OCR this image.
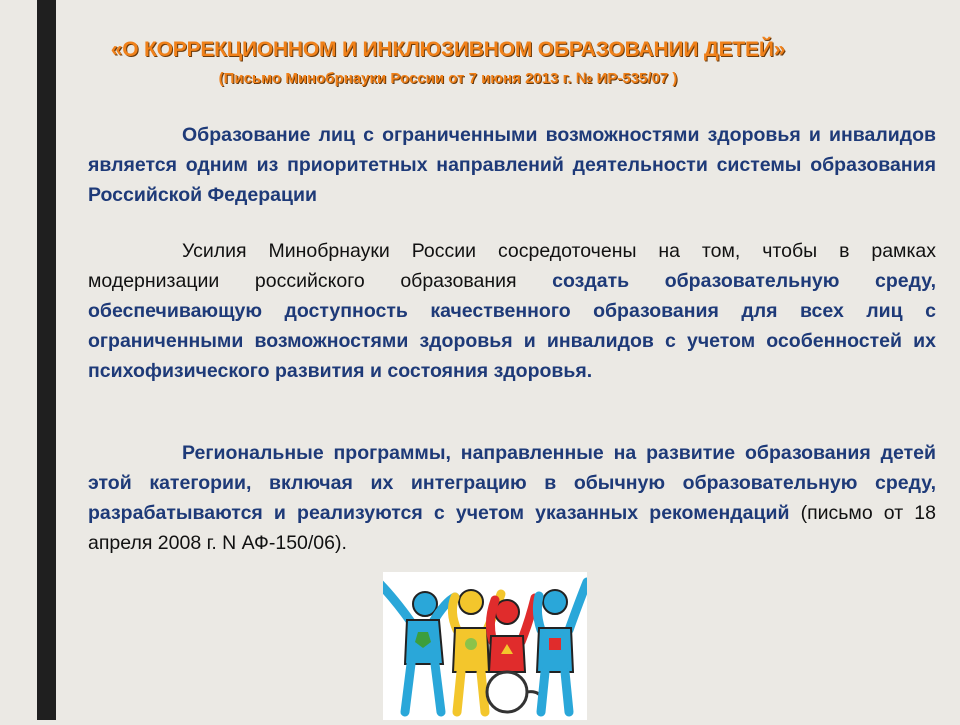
«О КОРРЕКЦИОННОМ И ИНКЛЮЗИВНОМ ОБРАЗОВАНИИ ДЕТЕЙ»
(Письмо Минобрнауки России от 7 июня 2013 г. № ИР-535/07 )
Образование лиц с ограниченными возможностями здоровья и инвалидов является одним из приоритетных направлений деятельности системы образования Российской Федерации
Усилия Минобрнауки России сосредоточены на том, чтобы в рамках модернизации российского образования создать образовательную среду, обеспечивающую доступность качественного образования для всех лиц с ограниченными возможностями здоровья и инвалидов с учетом особенностей их психофизического развития и состояния здоровья.
Региональные программы, направленные на развитие образования детей этой категории, включая их интеграцию в обычную образовательную среду, разрабатываются и реализуются с учетом указанных рекомендаций (письмо от 18 апреля 2008 г. N АФ-150/06).
